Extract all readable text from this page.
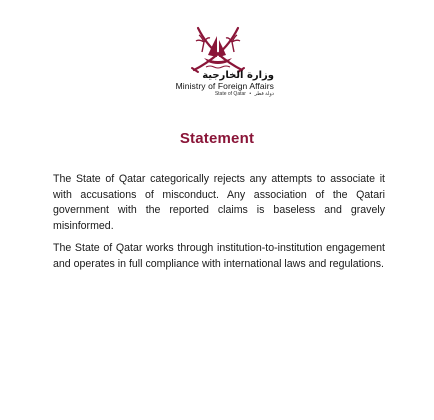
وزارة الخارجية
Ministry of Foreign Affairs
State of Qatar • دولة قطر
Statement

The State of Qatar categorically rejects any attempts to associate it with accusations of misconduct. Any association of the Qatari government with the reported claims is baseless and gravely misinformed.

The State of Qatar works through institution-to-institution engagement and operates in full compliance with international laws and regulations.
